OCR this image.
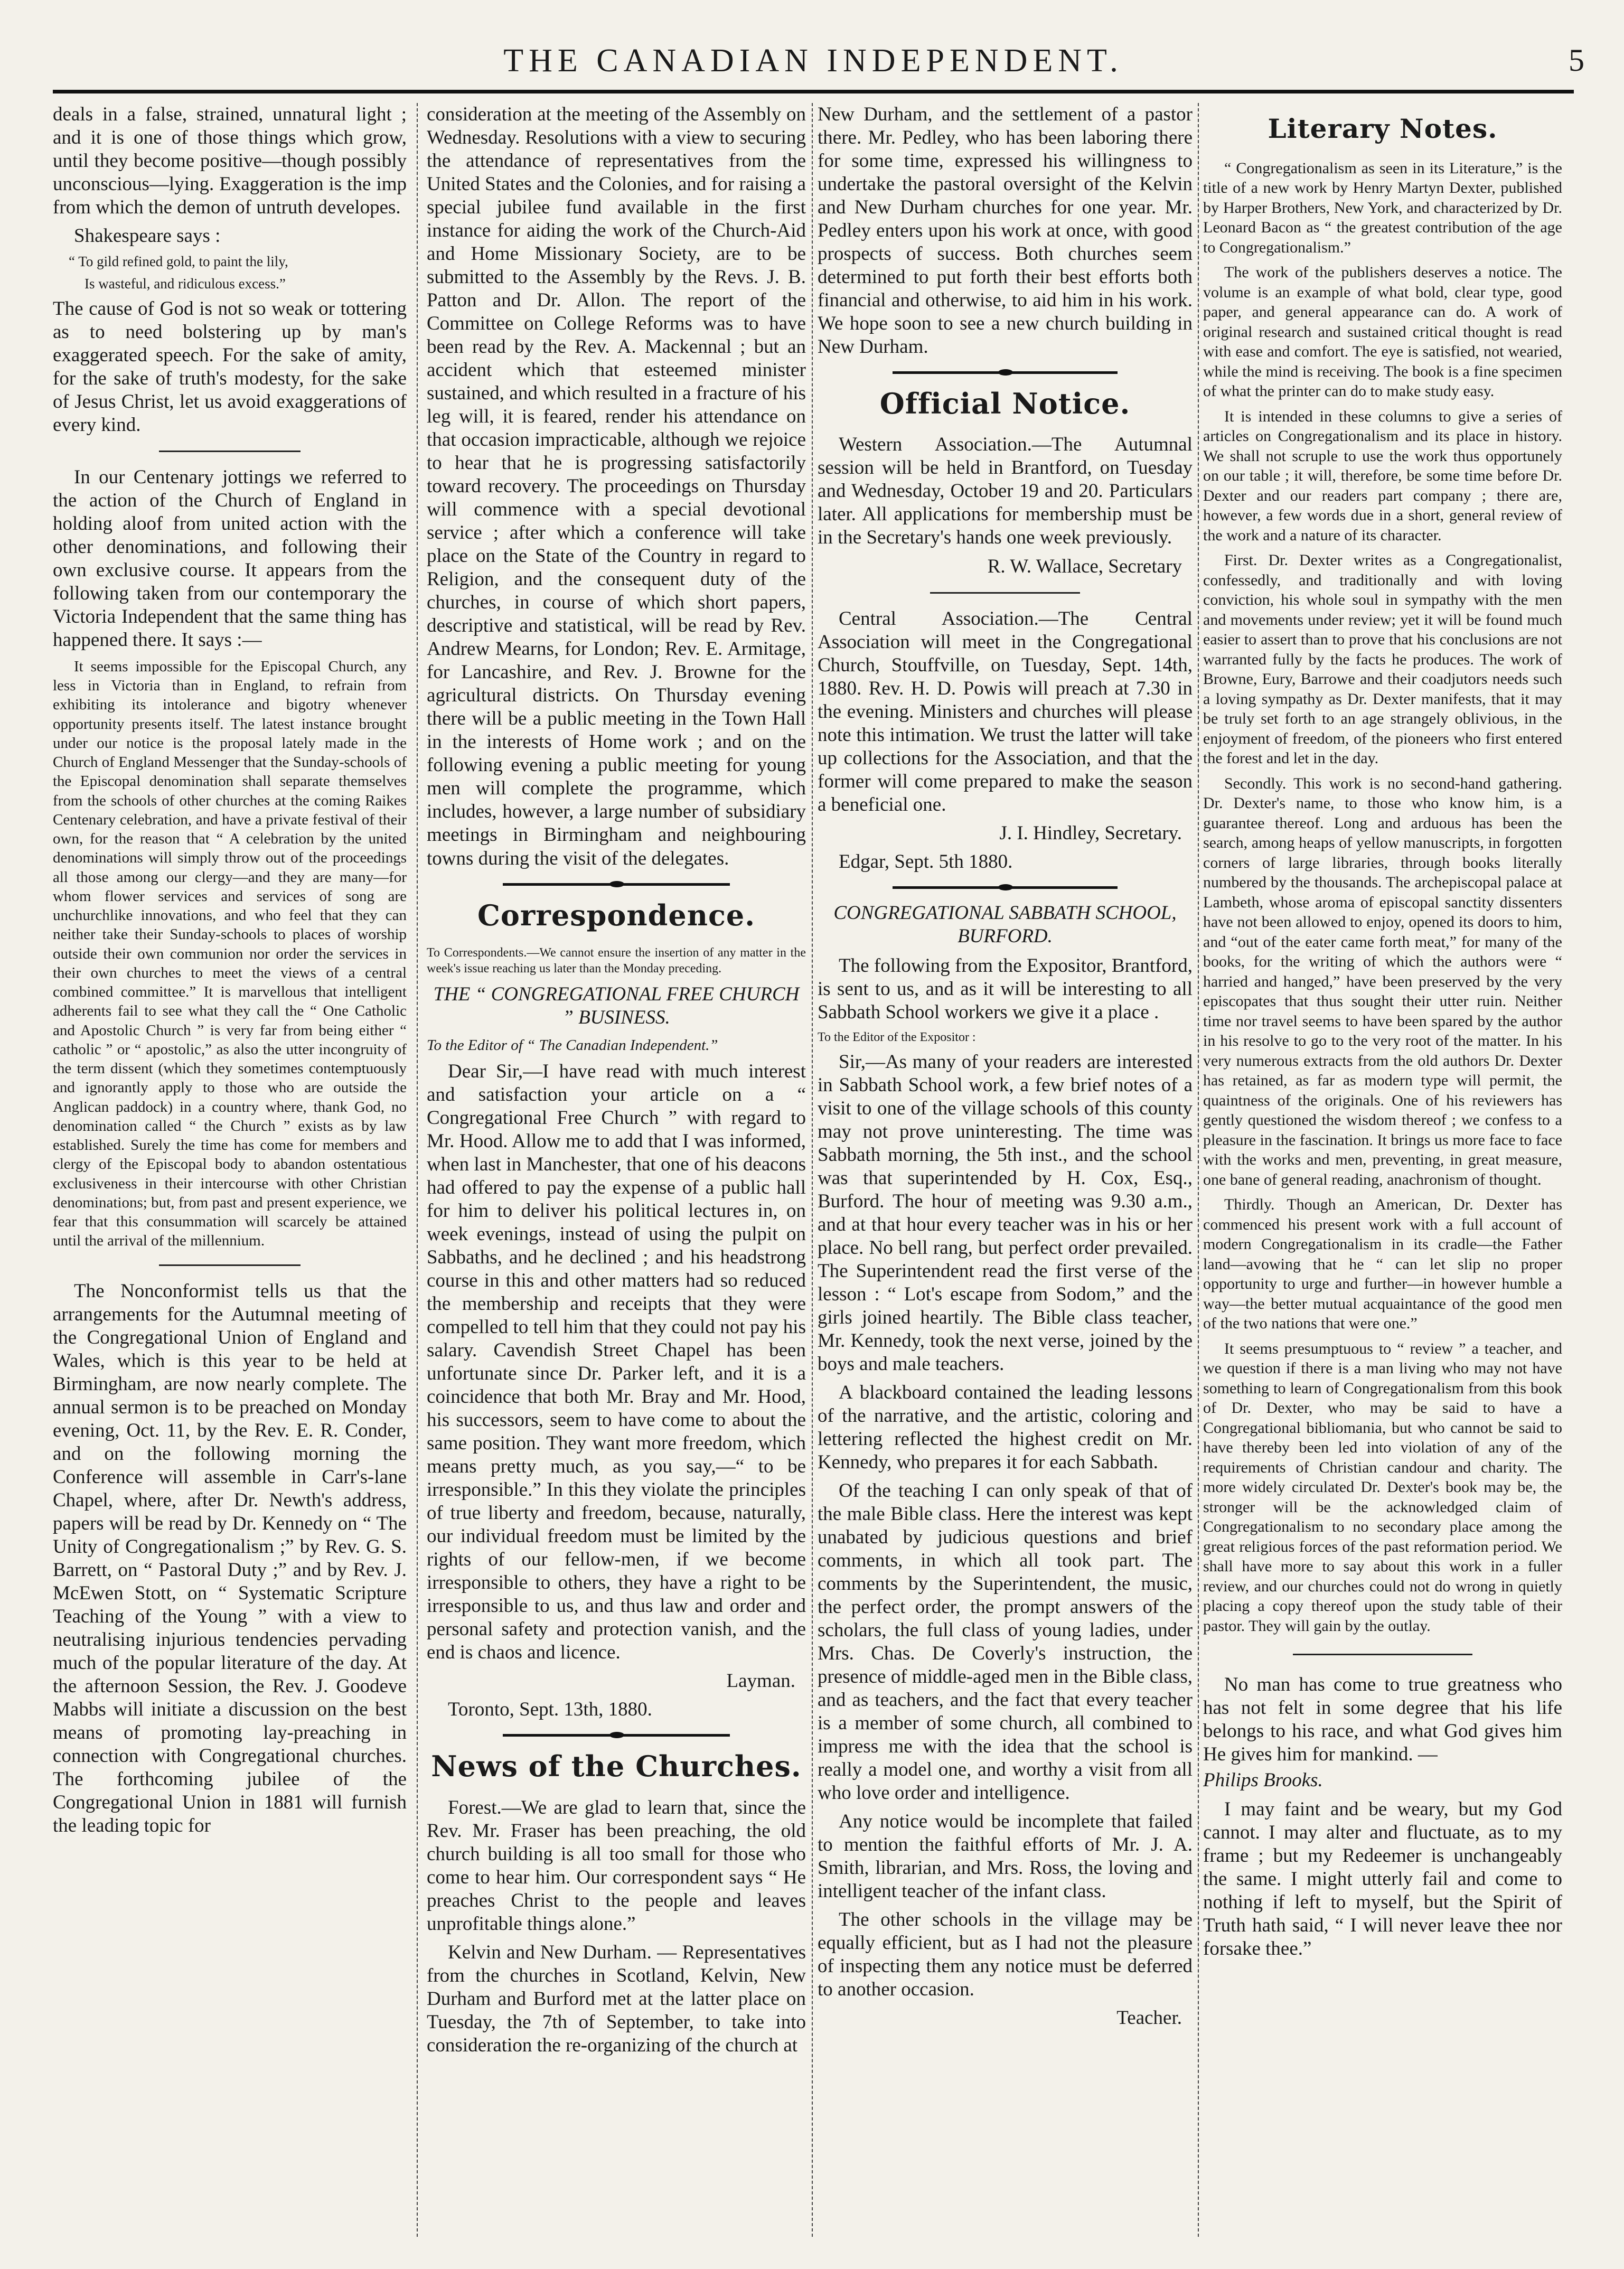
THE CANADIAN INDEPENDENT.	5

deals in a false, strained, unnatural light ; and it is one of those things which grow, until they become positive—though possibly unconscious—lying. Exaggeration is the imp from which the demon of untruth developes.

Shakespeare says :

“ To gild refined gold, to paint the lily,
Is wasteful, and ridiculous excess.”

The cause of God is not so weak or tottering as to need bolstering up by man's exaggerated speech. For the sake of amity, for the sake of truth's modesty, for the sake of Jesus Christ, let us avoid exaggerations of every kind.

In our Centenary jottings we referred to the action of the Church of England in holding aloof from united action with the other denominations, and following their own exclusive course. It appears from the following taken from our contemporary the Victoria Independent that the same thing has happened there. It says :—

It seems impossible for the Episcopal Church, any less in Victoria than in England, to refrain from exhibiting its intolerance and bigotry whenever opportunity presents itself. The latest instance brought under our notice is the proposal lately made in the Church of England Messenger that the Sunday-schools of the Episcopal denomination shall separate themselves from the schools of other churches at the coming Raikes Centenary celebration, and have a private festival of their own, for the reason that “ A celebration by the united denominations will simply throw out of the proceedings all those among our clergy—and they are many—for whom flower services and services of song are unchurchlike innovations, and who feel that they can neither take their Sunday-schools to places of worship outside their own communion nor order the services in their own churches to meet the views of a central combined committee.” It is marvellous that intelligent adherents fail to see what they call the “ One Catholic and Apostolic Church ” is very far from being either “ catholic ” or “ apostolic,” as also the utter incongruity of the term dissent (which they sometimes contemptuously and ignorantly apply to those who are outside the Anglican paddock) in a country where, thank God, no denomination called “ the Church ” exists as by law established. Surely the time has come for members and clergy of the Episcopal body to abandon ostentatious exclusiveness in their intercourse with other Christian denominations; but, from past and present experience, we fear that this consummation will scarcely be attained until the arrival of the millennium.

The Nonconformist tells us that the arrangements for the Autumnal meeting of the Congregational Union of England and Wales, which is this year to be held at Birmingham, are now nearly complete. The annual sermon is to be preached on Monday evening, Oct. 11, by the Rev. E. R. Conder, and on the following morning the Conference will assemble in Carr's-lane Chapel, where, after Dr. Newth's address, papers will be read by Dr. Kennedy on “ The Unity of Congregationalism ;” by Rev. G. S. Barrett, on “ Pastoral Duty ;” and by Rev. J. McEwen Stott, on “ Systematic Scripture Teaching of the Young ” with a view to neutralising injurious tendencies pervading much of the popular literature of the day. At the afternoon Session, the Rev. J. Goodeve Mabbs will initiate a discussion on the best means of promoting lay-preaching in connection with Congregational churches. The forthcoming jubilee of the Congregational Union in 1881 will furnish the leading topic for

consideration at the meeting of the Assembly on Wednesday. Resolutions with a view to securing the attendance of representatives from the United States and the Colonies, and for raising a special jubilee fund available in the first instance for aiding the work of the Church-Aid and Home Missionary Society, are to be submitted to the Assembly by the Revs. J. B. Patton and Dr. Allon. The report of the Committee on College Reforms was to have been read by the Rev. A. Mackennal ; but an accident which that esteemed minister sustained, and which resulted in a fracture of his leg will, it is feared, render his attendance on that occasion impracticable, although we rejoice to hear that he is progressing satisfactorily toward recovery. The proceedings on Thursday will commence with a special devotional service ; after which a conference will take place on the State of the Country in regard to Religion, and the consequent duty of the churches, in course of which short papers, descriptive and statistical, will be read by Rev. Andrew Mearns, for London; Rev. E. Armitage, for Lancashire, and Rev. J. Browne for the agricultural districts. On Thursday evening there will be a public meeting in the Town Hall in the interests of Home work ; and on the following evening a public meeting for young men will complete the programme, which includes, however, a large number of subsidiary meetings in Birmingham and neighbouring towns during the visit of the delegates.

Correspondence.

To Correspondents.—We cannot ensure the insertion of any matter in the week's issue reaching us later than the Monday preceding.

THE “ CONGREGATIONAL FREE CHURCH ” BUSINESS.

To the Editor of “ The Canadian Independent.”

Dear Sir,—I have read with much interest and satisfaction your article on a “ Congregational Free Church ” with regard to Mr. Hood. Allow me to add that I was informed, when last in Manchester, that one of his deacons had offered to pay the expense of a public hall for him to deliver his political lectures in, on week evenings, instead of using the pulpit on Sabbaths, and he declined ; and his headstrong course in this and other matters had so reduced the membership and receipts that they were compelled to tell him that they could not pay his salary. Cavendish Street Chapel has been unfortunate since Dr. Parker left, and it is a coincidence that both Mr. Bray and Mr. Hood, his successors, seem to have come to about the same position. They want more freedom, which means pretty much, as you say,—“ to be irresponsible.” In this they violate the principles of true liberty and freedom, because, naturally, our individual freedom must be limited by the rights of our fellow-men, if we become irresponsible to others, they have a right to be irresponsible to us, and thus law and order and personal safety and protection vanish, and the end is chaos and licence.

Layman.

Toronto, Sept. 13th, 1880.

News of the Churches.

Forest.—We are glad to learn that, since the Rev. Mr. Fraser has been preaching, the old church building is all too small for those who come to hear him. Our correspondent says “ He preaches Christ to the people and leaves unprofitable things alone.”

Kelvin and New Durham. — Representatives from the churches in Scotland, Kelvin, New Durham and Burford met at the latter place on Tuesday, the 7th of September, to take into consideration the re-organizing of the church at

New Durham, and the settlement of a pastor there. Mr. Pedley, who has been laboring there for some time, expressed his willingness to undertake the pastoral oversight of the Kelvin and New Durham churches for one year. Mr. Pedley enters upon his work at once, with good prospects of success. Both churches seem determined to put forth their best efforts both financial and otherwise, to aid him in his work. We hope soon to see a new church building in New Durham.

Official Notice.

Western Association.—The Autumnal session will be held in Brantford, on Tuesday and Wednesday, October 19 and 20. Particulars later. All applications for membership must be in the Secretary's hands one week previously.

R. W. Wallace, Secretary

Central Association.—The Central Association will meet in the Congregational Church, Stouffville, on Tuesday, Sept. 14th, 1880. Rev. H. D. Powis will preach at 7.30 in the evening. Ministers and churches will please note this intimation. We trust the latter will take up collections for the Association, and that the former will come prepared to make the season a beneficial one.

J. I. Hindley, Secretary.

Edgar, Sept. 5th 1880.

CONGREGATIONAL SABBATH SCHOOL, BURFORD.

The following from the Expositor, Brantford, is sent to us, and as it will be interesting to all Sabbath School workers we give it a place .

To the Editor of the Expositor :

Sir,—As many of your readers are interested in Sabbath School work, a few brief notes of a visit to one of the village schools of this county may not prove uninteresting. The time was Sabbath morning, the 5th inst., and the school was that superintended by H. Cox, Esq., Burford. The hour of meeting was 9.30 a.m., and at that hour every teacher was in his or her place. No bell rang, but perfect order prevailed. The Superintendent read the first verse of the lesson : “ Lot's escape from Sodom,” and the girls joined heartily. The Bible class teacher, Mr. Kennedy, took the next verse, joined by the boys and male teachers.

A blackboard contained the leading lessons of the narrative, and the artistic, coloring and lettering reflected the highest credit on Mr. Kennedy, who prepares it for each Sabbath.

Of the teaching I can only speak of that of the male Bible class. Here the interest was kept unabated by judicious questions and brief comments, in which all took part. The comments by the Superintendent, the music, the perfect order, the prompt answers of the scholars, the full class of young ladies, under Mrs. Chas. De Coverly's instruction, the presence of middle-aged men in the Bible class, and as teachers, and the fact that every teacher is a member of some church, all combined to impress me with the idea that the school is really a model one, and worthy a visit from all who love order and intelligence.

Any notice would be incomplete that failed to mention the faithful efforts of Mr. J. A. Smith, librarian, and Mrs. Ross, the loving and intelligent teacher of the infant class.

The other schools in the village may be equally efficient, but as I had not the pleasure of inspecting them any notice must be deferred to another occasion.

Teacher.

Literary Notes.

“ Congregationalism as seen in its Literature,” is the title of a new work by Henry Martyn Dexter, published by Harper Brothers, New York, and characterized by Dr. Leonard Bacon as “ the greatest contribution of the age to Congregationalism.”

The work of the publishers deserves a notice. The volume is an example of what bold, clear type, good paper, and general appearance can do. A work of original research and sustained critical thought is read with ease and comfort. The eye is satisfied, not wearied, while the mind is receiving. The book is a fine specimen of what the printer can do to make study easy.

It is intended in these columns to give a series of articles on Congregationalism and its place in history. We shall not scruple to use the work thus opportunely on our table ; it will, therefore, be some time before Dr. Dexter and our readers part company ; there are, however, a few words due in a short, general review of the work and a nature of its character.

First. Dr. Dexter writes as a Congregationalist, confessedly, and traditionally and with loving conviction, his whole soul in sympathy with the men and movements under review; yet it will be found much easier to assert than to prove that his conclusions are not warranted fully by the facts he produces. The work of Browne, Eury, Barrowe and their coadjutors needs such a loving sympathy as Dr. Dexter manifests, that it may be truly set forth to an age strangely oblivious, in the enjoyment of freedom, of the pioneers who first entered the forest and let in the day.

Secondly. This work is no second-hand gathering. Dr. Dexter's name, to those who know him, is a guarantee thereof. Long and arduous has been the search, among heaps of yellow manuscripts, in forgotten corners of large libraries, through books literally numbered by the thousands. The archepiscopal palace at Lambeth, whose aroma of episcopal sanctity dissenters have not been allowed to enjoy, opened its doors to him, and “out of the eater came forth meat,” for many of the books, for the writing of which the authors were “ harried and hanged,” have been preserved by the very episcopates that thus sought their utter ruin. Neither time nor travel seems to have been spared by the author in his resolve to go to the very root of the matter. In his very numerous extracts from the old authors Dr. Dexter has retained, as far as modern type will permit, the quaintness of the originals. One of his reviewers has gently questioned the wisdom thereof ; we confess to a pleasure in the fascination. It brings us more face to face with the works and men, preventing, in great measure, one bane of general reading, anachronism of thought.

Thirdly. Though an American, Dr. Dexter has commenced his present work with a full account of modern Congregationalism in its cradle—the Father land—avowing that he “ can let slip no proper opportunity to urge and further—in however humble a way—the better mutual acquaintance of the good men of the two nations that were one.”

It seems presumptuous to “ review ” a teacher, and we question if there is a man living who may not have something to learn of Congregationalism from this book of Dr. Dexter, who may be said to have a Congregational bibliomania, but who cannot be said to have thereby been led into violation of any of the requirements of Christian candour and charity. The more widely circulated Dr. Dexter's book may be, the stronger will be the acknowledged claim of Congregationalism to no secondary place among the great religious forces of the past reformation period. We shall have more to say about this work in a fuller review, and our churches could not do wrong in quietly placing a copy thereof upon the study table of their pastor. They will gain by the outlay.

No man has come to true greatness who has not felt in some degree that his life belongs to his race, and what God gives him He gives him for mankind. —

Philips Brooks.

I may faint and be weary, but my God cannot. I may alter and fluctuate, as to my frame ; but my Redeemer is unchangeably the same. I might utterly fail and come to nothing if left to myself, but the Spirit of Truth hath said, “ I will never leave thee nor forsake thee.”
